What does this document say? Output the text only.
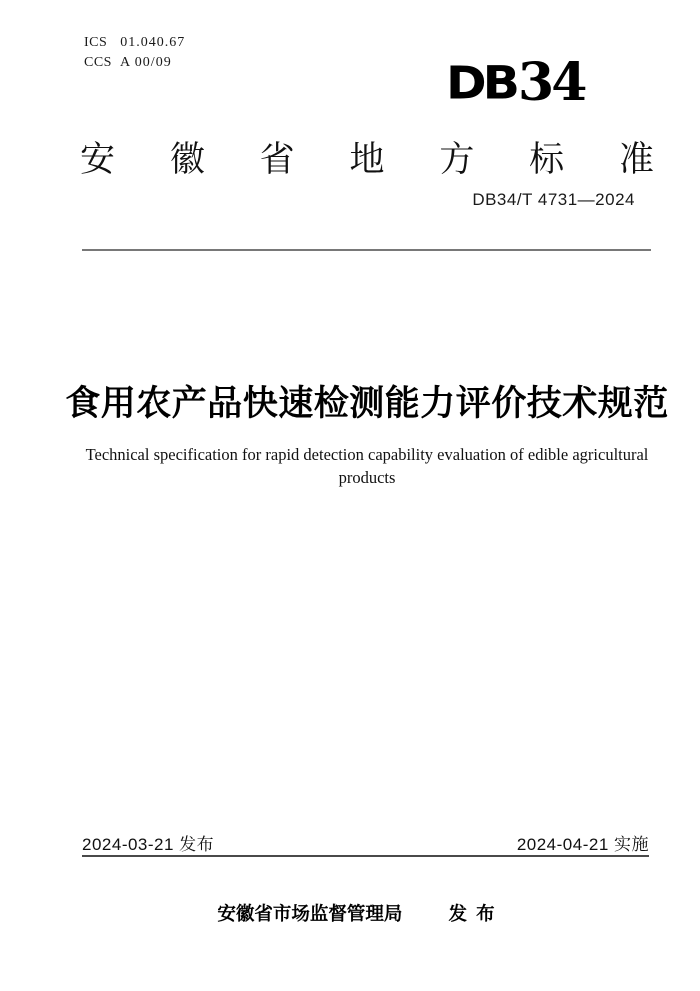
ICS 01.040.67
CCS A 00/09	DB34
安 徽 省 地 方 标 准
DB34/T 4731—2024
食用农产品快速检测能力评价技术规范
Technical specification for rapid detection capability evaluation of edible agricultural
products
2024-03-21 发布	2024-04-21 实施
安徽省市场监督管理局 发 布
